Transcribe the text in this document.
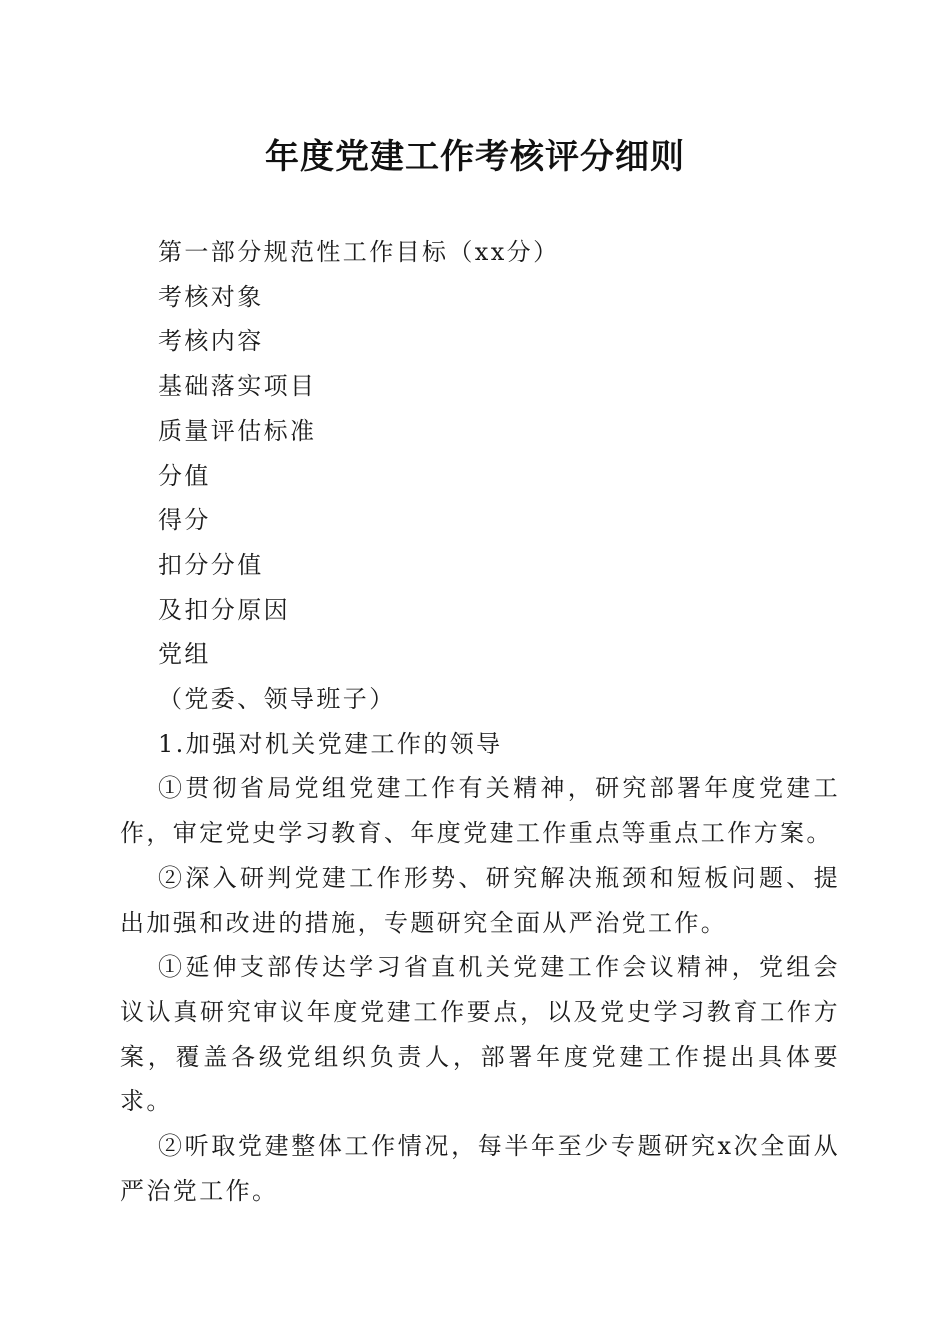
年度党建工作考核评分细则

第一部分规范性工作目标（xx分）

考核对象

考核内容

基础落实项目

质量评估标准

分值

得分

扣分分值

及扣分原因

党组

（党委、领导班子）

1.加强对机关党建工作的领导

①贯彻省局党组党建工作有关精神，研究部署年度党建工作，审定党史学习教育、年度党建工作重点等重点工作方案。

②深入研判党建工作形势、研究解决瓶颈和短板问题、提出加强和改进的措施，专题研究全面从严治党工作。

①延伸支部传达学习省直机关党建工作会议精神，党组会议认真研究审议年度党建工作要点，以及党史学习教育工作方案，覆盖各级党组织负责人，部署年度党建工作提出具体要求。

②听取党建整体工作情况，每半年至少专题研究x次全面从严治党工作。
